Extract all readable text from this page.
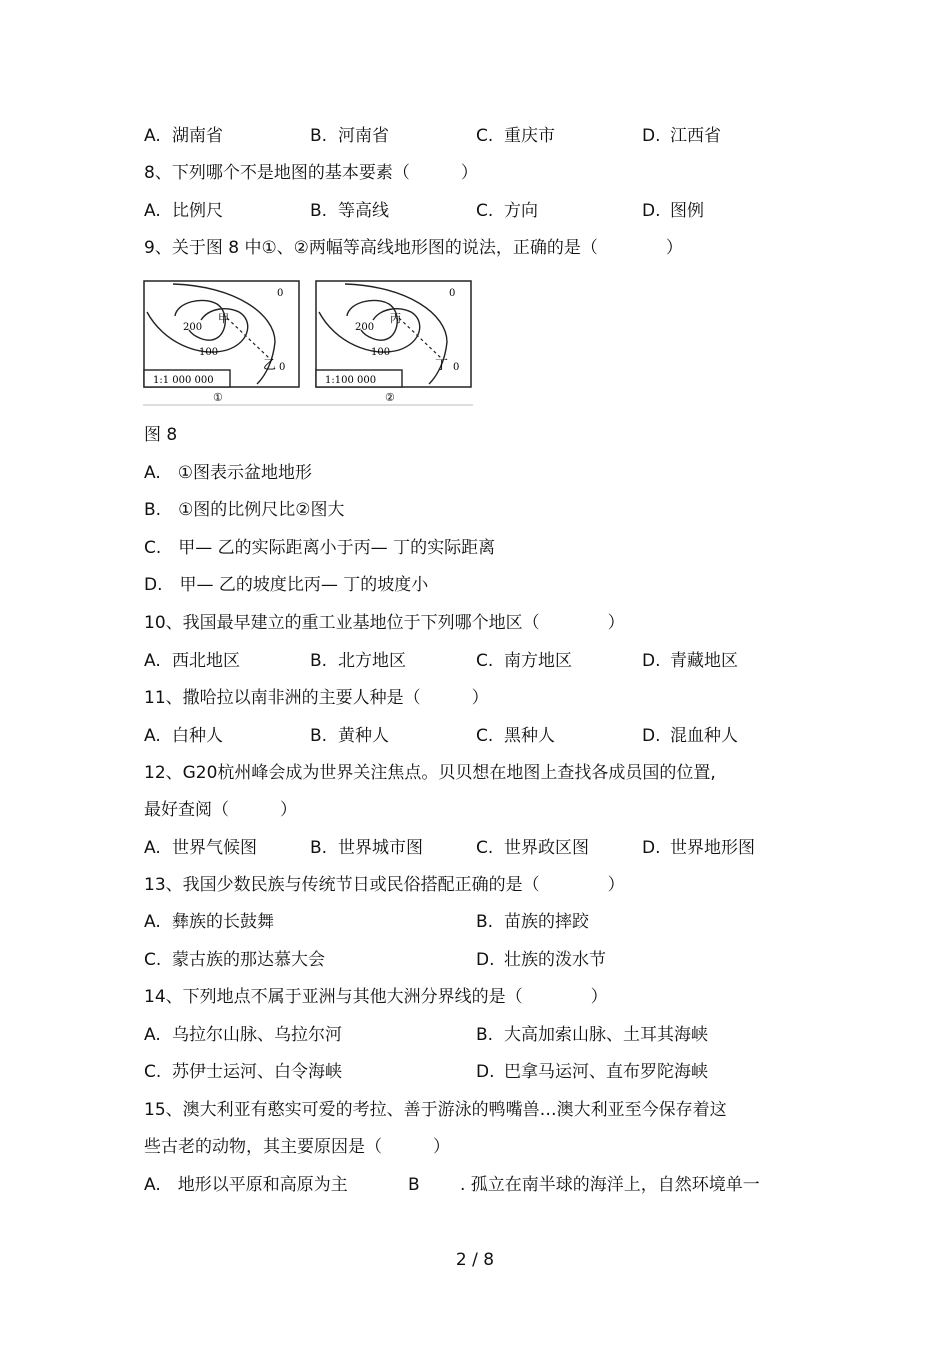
A. 湖南省	B. 河南省	C. 重庆市	D. 江西省
8、下列哪个不是地图的基本要素（　　　）
A. 比例尺	B. 等高线	C. 方向	D. 图例
9、关于图 8 中①、②两幅等高线地形图的说法，正确的是（　　　　）
1:1 000 000
200
100
0
0
甲
乙
①
1:100 000
200
100
0
0
丙
丁
②
图 8
A.　①图表示盆地地形
B.　①图的比例尺比②图大
C.　甲— 乙的实际距离小于丙— 丁的实际距离
D.　甲— 乙的坡度比丙— 丁的坡度小
10、我国最早建立的重工业基地位于下列哪个地区（　　　　）
A. 西北地区	B. 北方地区	C. 南方地区	D. 青藏地区
11、撒哈拉以南非洲的主要人种是（　　　）
A. 白种人	B. 黄种人	C. 黑种人	D. 混血种人
12、G20杭州峰会成为世界关注焦点。贝贝想在地图上查找各成员国的位置,
最好查阅（　　　）
A. 世界气候图	B. 世界城市图	C. 世界政区图	D. 世界地形图
13、我国少数民族与传统节日或民俗搭配正确的是（　　　　）
A. 彝族的长鼓舞	B. 苗族的摔跤
C. 蒙古族的那达慕大会	D. 壮族的泼水节
14、下列地点不属于亚洲与其他大洲分界线的是（　　　　）
A. 乌拉尔山脉、乌拉尔河	B. 大高加索山脉、土耳其海峡
C. 苏伊士运河、白令海峡	D. 巴拿马运河、直布罗陀海峡
15、澳大利亚有憨实可爱的考拉、善于游泳的鸭嘴兽…澳大利亚至今保存着这
些古老的动物，其主要原因是（　　　）
A.　地形以平原和高原为主	B . 孤立在南半球的海洋上，自然环境单一
2 / 8
